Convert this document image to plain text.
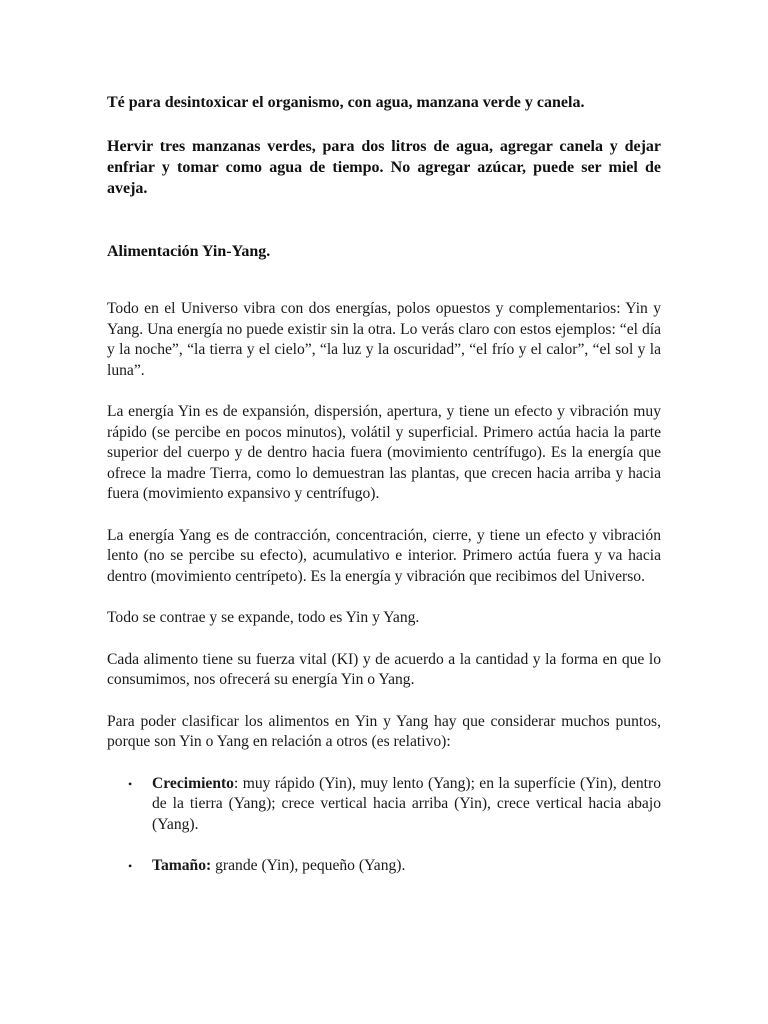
Té para desintoxicar el organismo, con agua, manzana verde y canela.

Hervir tres manzanas verdes, para dos litros de agua, agregar canela y dejar enfriar y tomar como agua de tiempo. No agregar azúcar, puede ser miel de aveja.

Alimentación Yin-Yang.

Todo en el Universo vibra con dos energías, polos opuestos y complementarios: Yin y Yang. Una energía no puede existir sin la otra. Lo verás claro con estos ejemplos: “el día y la noche”, “la tierra y el cielo”, “la luz y la oscuridad”, “el frío y el calor”, “el sol y la luna”.

La energía Yin es de expansión, dispersión, apertura, y tiene un efecto y vibración muy rápido (se percibe en pocos minutos), volátil y superficial. Primero actúa hacia la parte superior del cuerpo y de dentro hacia fuera (movimiento centrífugo). Es la energía que ofrece la madre Tierra, como lo demuestran las plantas, que crecen hacia arriba y hacia fuera (movimiento expansivo y centrífugo).

La energía Yang es de contracción, concentración, cierre, y tiene un efecto y vibración lento (no se percibe su efecto), acumulativo e interior. Primero actúa fuera y va hacia dentro (movimiento centrípeto). Es la energía y vibración que recibimos del Universo.

Todo se contrae y se expande, todo es Yin y Yang.

Cada alimento tiene su fuerza vital (KI) y de acuerdo a la cantidad y la forma en que lo consumimos, nos ofrecerá su energía Yin o Yang.

Para poder clasificar los alimentos en Yin y Yang hay que considerar muchos puntos, porque son Yin o Yang en relación a otros (es relativo):

• Crecimiento: muy rápido (Yin), muy lento (Yang); en la superfície (Yin), dentro de la tierra (Yang); crece vertical hacia arriba (Yin), crece vertical hacia abajo (Yang).
• Tamaño: grande (Yin), pequeño (Yang).
